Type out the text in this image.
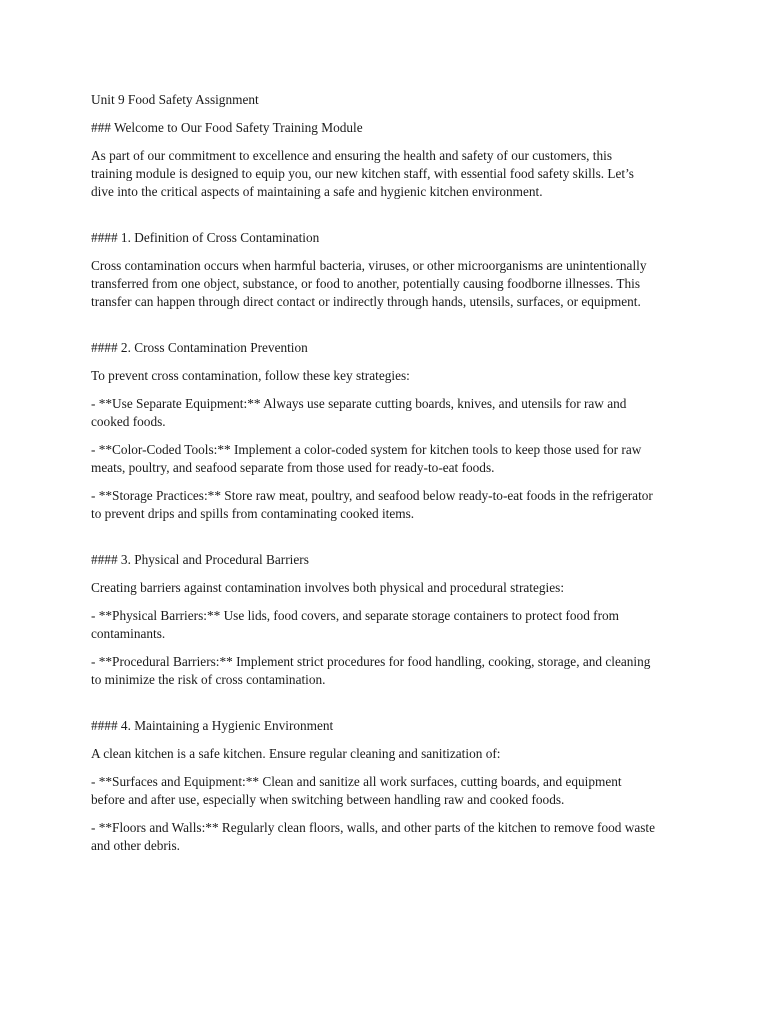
Unit 9 Food Safety Assignment

### Welcome to Our Food Safety Training Module

As part of our commitment to excellence and ensuring the health and safety of our customers, this

training module is designed to equip you, our new kitchen staff, with essential food safety skills. Let’s

dive into the critical aspects of maintaining a safe and hygienic kitchen environment.

#### 1. Definition of Cross Contamination

Cross contamination occurs when harmful bacteria, viruses, or other microorganisms are unintentionally

transferred from one object, substance, or food to another, potentially causing foodborne illnesses. This

transfer can happen through direct contact or indirectly through hands, utensils, surfaces, or equipment.

#### 2. Cross Contamination Prevention

To prevent cross contamination, follow these key strategies:

- **Use Separate Equipment:** Always use separate cutting boards, knives, and utensils for raw and

cooked foods.

- **Color-Coded Tools:** Implement a color-coded system for kitchen tools to keep those used for raw

meats, poultry, and seafood separate from those used for ready-to-eat foods.

- **Storage Practices:** Store raw meat, poultry, and seafood below ready-to-eat foods in the refrigerator

to prevent drips and spills from contaminating cooked items.

#### 3. Physical and Procedural Barriers

Creating barriers against contamination involves both physical and procedural strategies:

- **Physical Barriers:** Use lids, food covers, and separate storage containers to protect food from

contaminants.

- **Procedural Barriers:** Implement strict procedures for food handling, cooking, storage, and cleaning

to minimize the risk of cross contamination.

#### 4. Maintaining a Hygienic Environment

A clean kitchen is a safe kitchen. Ensure regular cleaning and sanitization of:

- **Surfaces and Equipment:** Clean and sanitize all work surfaces, cutting boards, and equipment

before and after use, especially when switching between handling raw and cooked foods.

- **Floors and Walls:** Regularly clean floors, walls, and other parts of the kitchen to remove food waste

and other debris.
